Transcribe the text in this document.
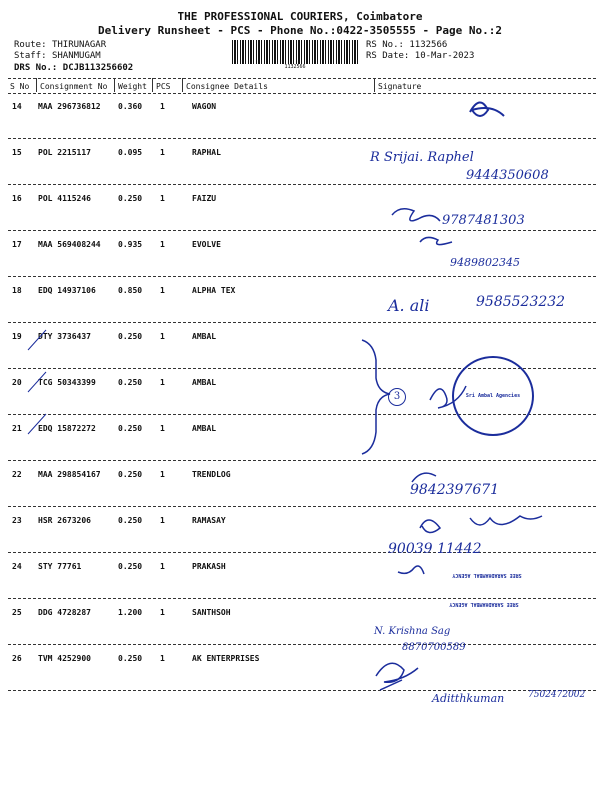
THE PROFESSIONAL COURIERS, Coimbatore
Delivery Runsheet - PCS - Phone No.:0422-3505555 - Page No.:2
Route: THIRUNAGAR
Staff: SHANMUGAM
DRS No.: DCJB113256602	1132566
RS No.: 1132566
RS Date: 10-Mar-2023
S No Consignment No Weight PCS Consignee Details	Signature
14 MAA 296736812 0.360 1	WAGON
15 POL 2215117	0.095 1	RAPHAL
16 POL 4115246	0.250 1	FAIZU
17 MAA 569408244 0.935 1	EVOLVE
18 EDQ 14937106	0.850 1	ALPHA TEX
19 DTY 3736437	0.250 1	AMBAL
20 TCG 50343399	0.250 1	AMBAL
21 EDQ 15872272	0.250 1	AMBAL
22 MAA 298854167 0.250 1	TRENDLOG
23 HSR 2673206	0.250 1	RAMASAY
24 STY 77761	0.250 1	PRAKASH
25 DDG 4728287	1.200 1	SANTHSOH
26 TVM 4252900	0.250 1	AK ENTERPRISES
R Srijai. Raphel
9444350608
9787481303
9489802345
A. ali	9585523232
3	Sri Ambal Agencies
9842397671
90039 11442
SREE SARADHAMBAL AGENCY
SREE SARADHAMBAL AGENCY
N. Krishna Sag
8870700589
Aditthkuman	7502472002
